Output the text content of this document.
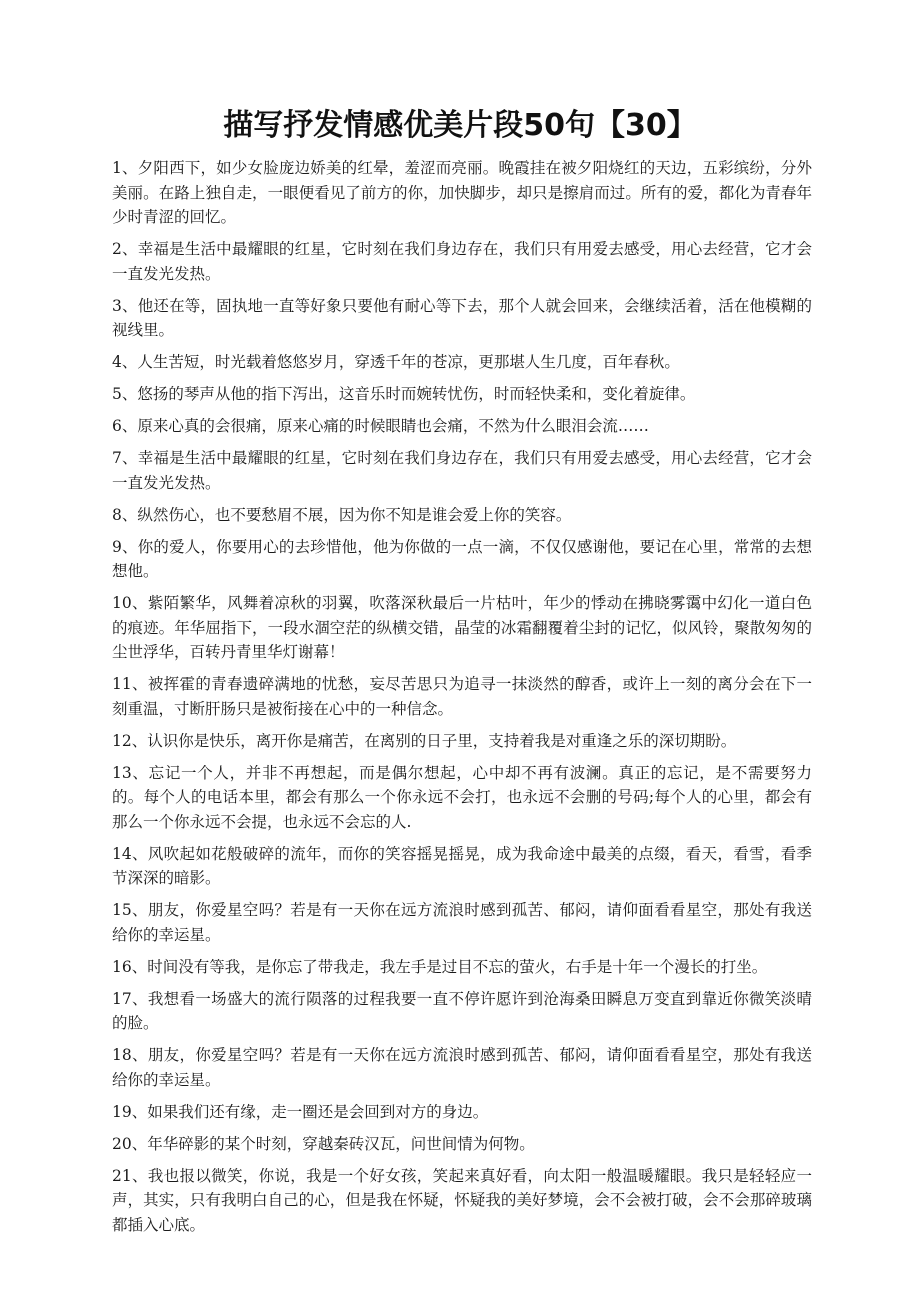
描写抒发情感优美片段50句【30】
1、夕阳西下，如少女脸庞边娇美的红晕，羞涩而亮丽。晚霞挂在被夕阳烧红的天边，五彩缤纷，分外美丽。在路上独自走，一眼便看见了前方的你，加快脚步，却只是擦肩而过。所有的爱，都化为青春年少时青涩的回忆。
2、幸福是生活中最耀眼的红星，它时刻在我们身边存在，我们只有用爱去感受，用心去经营，它才会一直发光发热。
3、他还在等，固执地一直等好象只要他有耐心等下去，那个人就会回来，会继续活着，活在他模糊的视线里。
4、人生苦短，时光载着悠悠岁月，穿透千年的苍凉，更那堪人生几度，百年春秋。
5、悠扬的琴声从他的指下泻出，这音乐时而婉转忧伤，时而轻快柔和，变化着旋律。
6、原来心真的会很痛，原来心痛的时候眼睛也会痛，不然为什么眼泪会流……
7、幸福是生活中最耀眼的红星，它时刻在我们身边存在，我们只有用爱去感受，用心去经营，它才会一直发光发热。
8、纵然伤心，也不要愁眉不展，因为你不知是谁会爱上你的笑容。
9、你的爱人，你要用心的去珍惜他，他为你做的一点一滴，不仅仅感谢他，要记在心里，常常的去想想他。
10、紫陌繁华，风舞着凉秋的羽翼，吹落深秋最后一片枯叶，年少的悸动在拂晓雾霭中幻化一道白色的痕迹。年华屈指下，一段水涸空茫的纵横交错，晶莹的冰霜翻覆着尘封的记忆，似风铃，聚散匆匆的尘世浮华，百转丹青里华灯谢幕！
11、被挥霍的青春遗碎满地的忧愁，妄尽苦思只为追寻一抹淡然的醇香，或许上一刻的离分会在下一刻重温，寸断肝肠只是被衔接在心中的一种信念。
12、认识你是快乐，离开你是痛苦，在离别的日子里，支持着我是对重逢之乐的深切期盼。
13、忘记一个人，并非不再想起，而是偶尔想起，心中却不再有波澜。真正的忘记，是不需要努力的。每个人的电话本里，都会有那么一个你永远不会打，也永远不会删的号码;每个人的心里，都会有那么一个你永远不会提，也永远不会忘的人.
14、风吹起如花般破碎的流年，而你的笑容摇晃摇晃，成为我命途中最美的点缀，看天，看雪，看季节深深的暗影。
15、朋友，你爱星空吗？若是有一天你在远方流浪时感到孤苦、郁闷，请仰面看看星空，那处有我送给你的幸运星。
16、时间没有等我，是你忘了带我走，我左手是过目不忘的萤火，右手是十年一个漫长的打坐。
17、我想看一场盛大的流行陨落的过程我要一直不停许愿许到沧海桑田瞬息万变直到靠近你微笑淡晴的脸。
18、朋友，你爱星空吗？若是有一天你在远方流浪时感到孤苦、郁闷，请仰面看看星空，那处有我送给你的幸运星。
19、如果我们还有缘，走一圈还是会回到对方的身边。
20、年华碎影的某个时刻，穿越秦砖汉瓦，问世间情为何物。
21、我也报以微笑，你说，我是一个好女孩，笑起来真好看，向太阳一般温暖耀眼。我只是轻轻应一声，其实，只有我明白自己的心，但是我在怀疑，怀疑我的美好梦境，会不会被打破，会不会那碎玻璃都插入心底。
